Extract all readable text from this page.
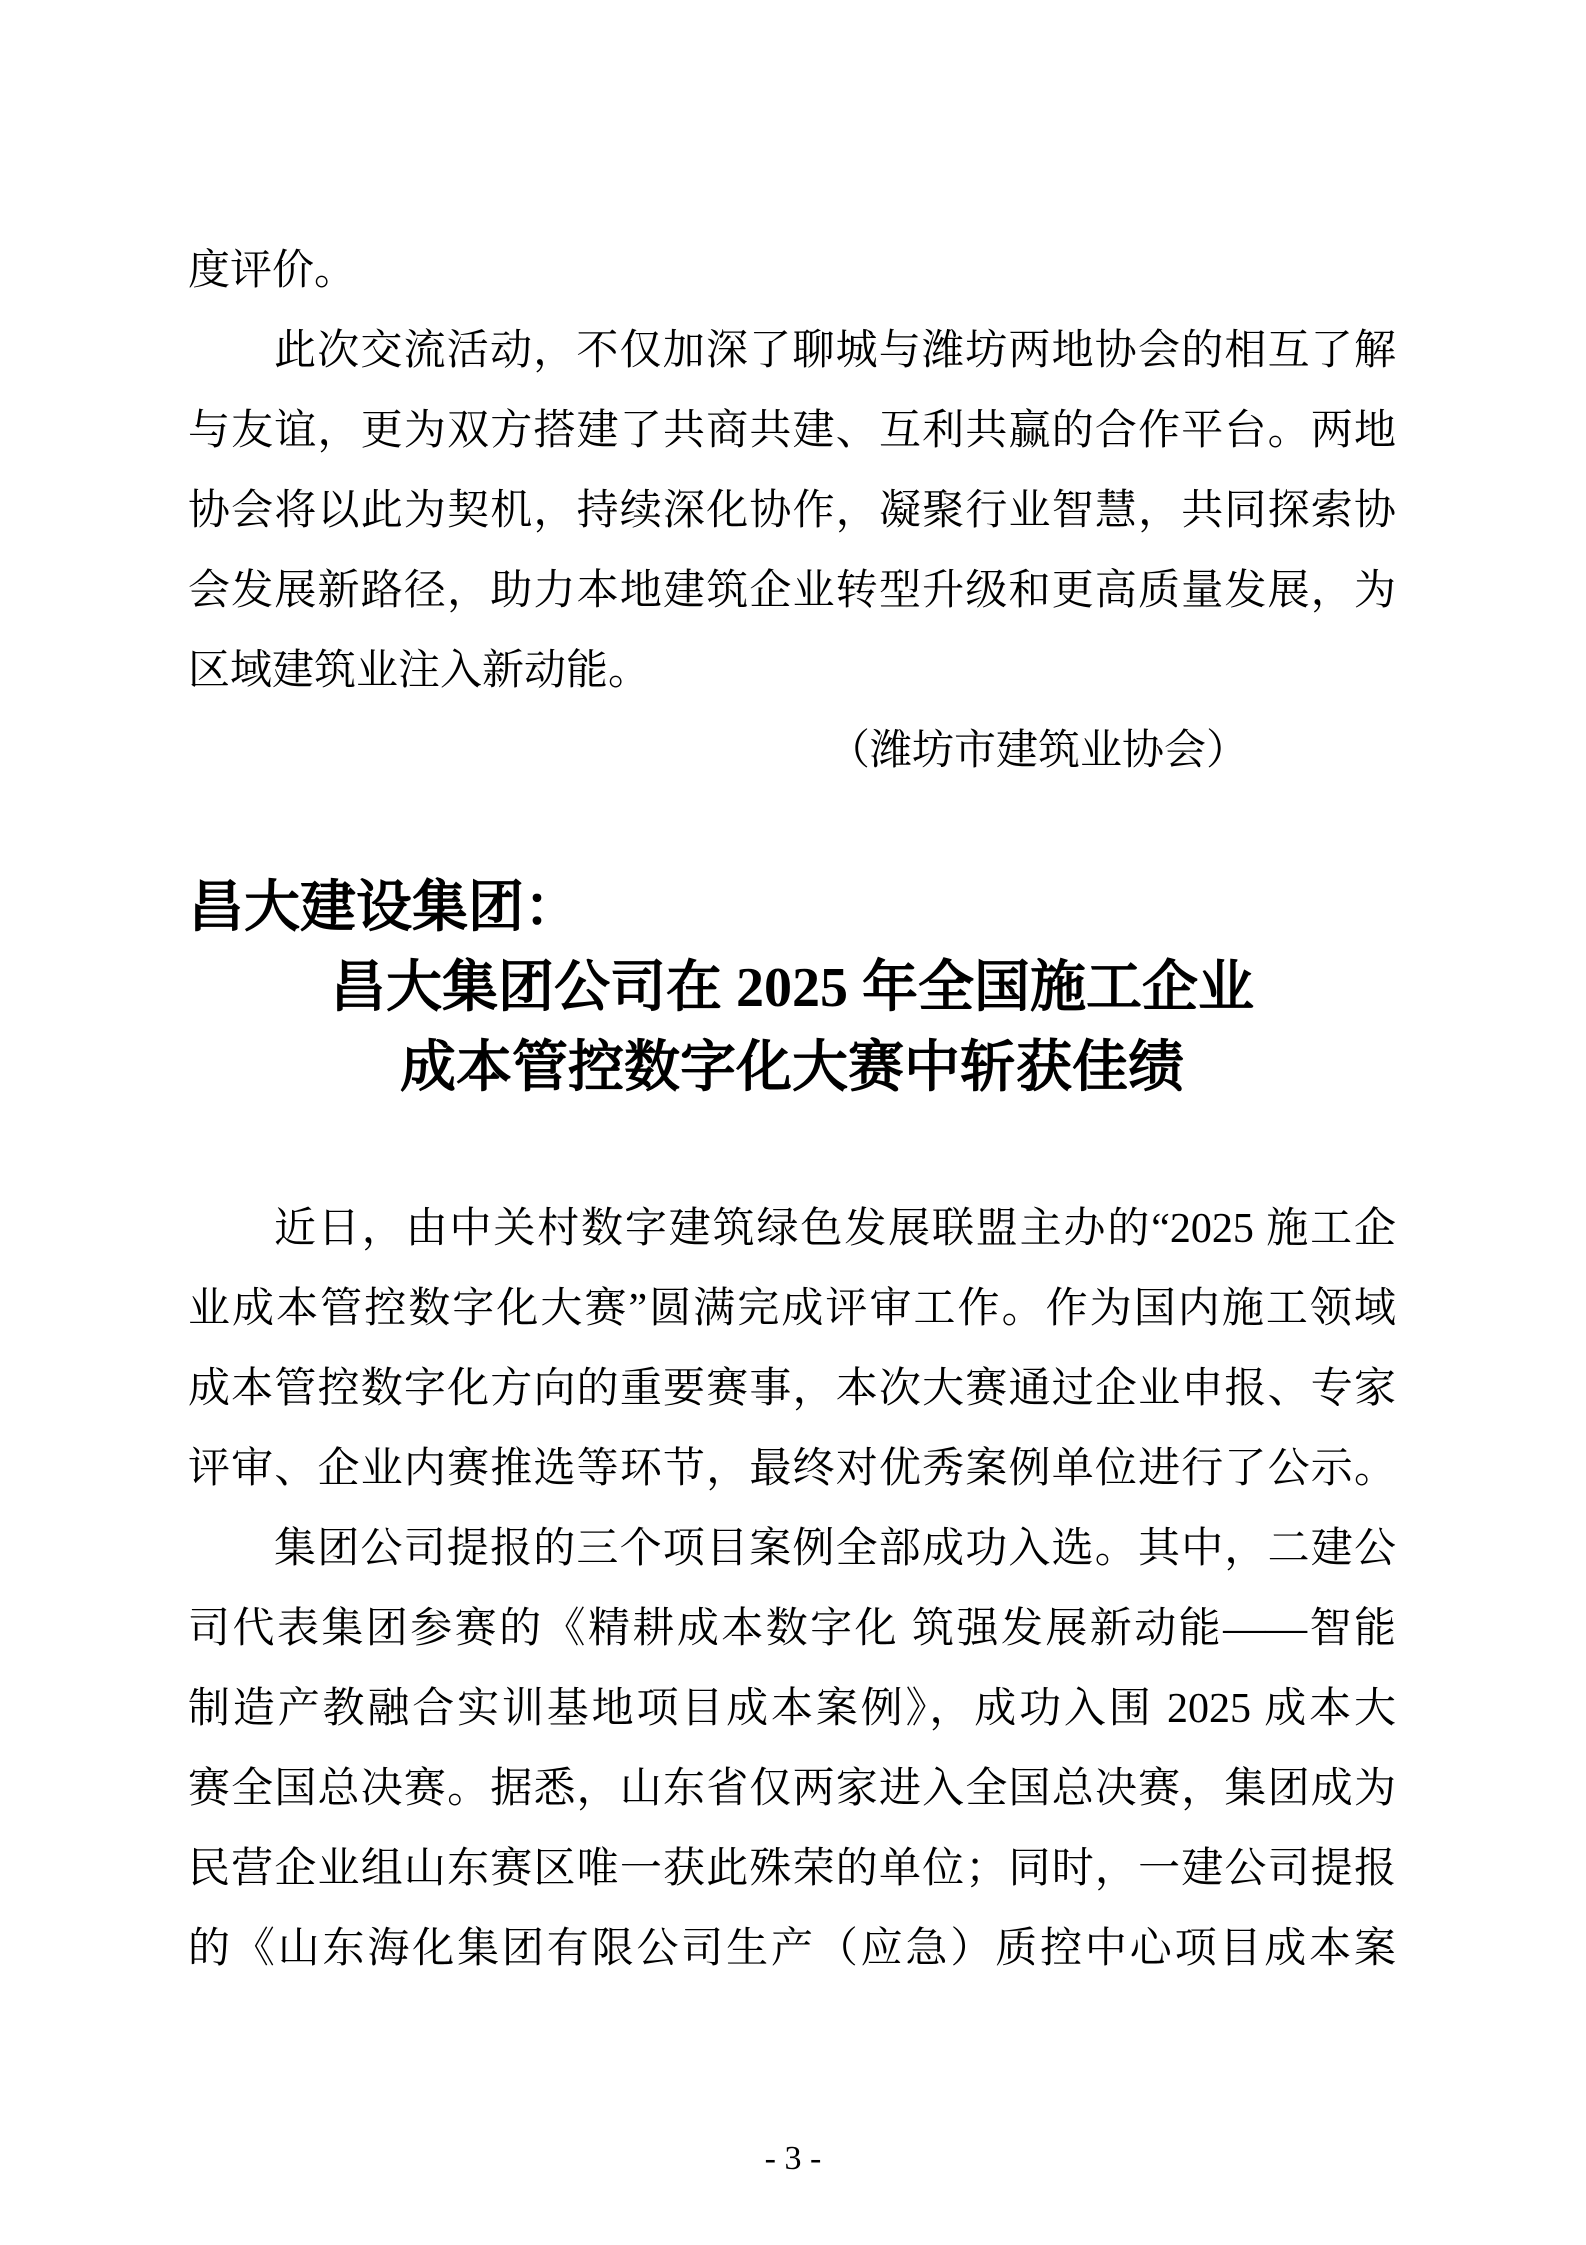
度评价。
此次交流活动，不仅加深了聊城与潍坊两地协会的相互了解
与友谊，更为双方搭建了共商共建、互利共赢的合作平台。两地
协会将以此为契机，持续深化协作，凝聚行业智慧，共同探索协
会发展新路径，助力本地建筑企业转型升级和更高质量发展，为
区域建筑业注入新动能。
（潍坊市建筑业协会）
昌大建设集团：
昌大集团公司在 2025 年全国施工企业
成本管控数字化大赛中斩获佳绩
近日，由中关村数字建筑绿色发展联盟主办的“2025 施工企
业成本管控数字化大赛”圆满完成评审工作。作为国内施工领域
成本管控数字化方向的重要赛事，本次大赛通过企业申报、专家
评审、企业内赛推选等环节，最终对优秀案例单位进行了公示。
集团公司提报的三个项目案例全部成功入选。其中，二建公
司代表集团参赛的《精耕成本数字化 筑强发展新动能——智能
制造产教融合实训基地项目成本案例》，成功入围 2025 成本大
赛全国总决赛。据悉，山东省仅两家进入全国总决赛，集团成为
民营企业组山东赛区唯一获此殊荣的单位；同时，一建公司提报
的《山东海化集团有限公司生产（应急）质控中心项目成本案
- 3 -
